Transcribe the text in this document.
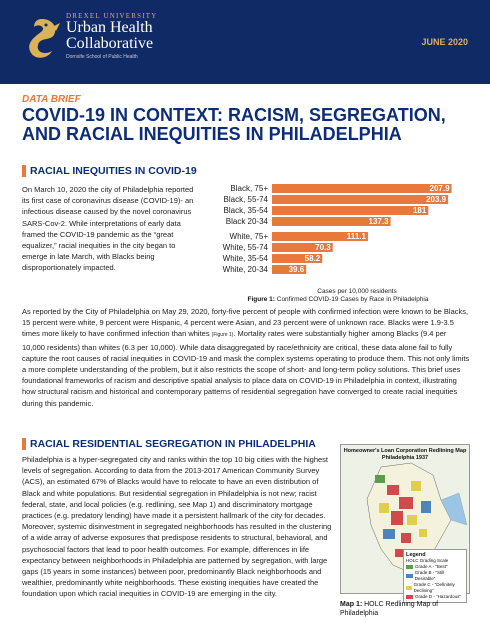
DREXEL UNIVERSITY
Urban Health
Collaborative
Dornsife School of Public Health
JUNE 2020
DATA BRIEF
COVID-19 IN CONTEXT: RACISM, SEGREGATION, AND RACIAL INEQUITIES IN PHILADELPHIA
RACIAL INEQUITIES IN COVID-19
On March 10, 2020 the city of Philadelphia reported its first case of coronavirus disease (COVID-19)- an infectious disease caused by the novel coronavirus SARS-Cov-2. While interpretations of early data framed the COVID-19 pandemic as the “great equalizer,” racial inequities in the city began to emerge in late March, with Blacks being disproportionately impacted.
Black, 75+	207.9
Black, 55-74	203.9
Black, 35-54	181
Black 20-34	137.3
White, 75+	111.1
White, 55-74	70.3
White, 35-54	58.2
White, 20-34	39.6
Cases per 10,000 residents
Figure 1: Confirmed COVID-19 Cases by Race in Philadelphia
As reported by the City of Philadelphia on May 29, 2020, forty-five percent of people with confirmed infection were known to be Blacks, 15 percent were white, 9 percent were Hispanic, 4 percent were Asian, and 23 percent were of unknown race. Blacks were 1.9-3.5 times more likely to have confirmed infection than whites (Figure 1). Mortality rates were substantially higher among Blacks (9.4 per 10,000 residents) than whites (6.3 per 10,000). While data disaggregated by race/ethnicity are critical, these data alone fail to fully capture the root causes of racial inequities in COVID-19 and mask the complex systems operating to produce them. This not only limits a more complete understanding of the problem, but it also restricts the scope of short- and long-term policy solutions. This brief uses foundational frameworks of racism and descriptive spatial analysis to place data on COVID-19 in Philadelphia in context, illustrating how structural racism and historical and contemporary patterns of residential segregation have converged to create racial inequities during this pandemic.
RACIAL RESIDENTIAL SEGREGATION IN PHILADELPHIA
Philadelphia is a hyper-segregated city and ranks within the top 10 big cities with the highest levels of segregation. According to data from the 2013-2017 American Community Survey (ACS), an estimated 67% of Blacks would have to relocate to have an even distribution of Black and white populations. But residential segregation in Philadelphia is not new; racist federal, state, and local policies (e.g. redlining, see Map 1) and discriminatory mortgage practices (e.g. predatory lending) have made it a persistent hallmark of the city for decades. Moreover, systemic disinvestment in segregated neighborhoods has resulted in the clustering of a wide array of adverse exposures that predispose residents to structural, behavioral, and psychosocial factors that lead to poor health outcomes. For example, differences in life expectancy between neighborhoods in Philadelphia are patterned by segregation, with large gaps (15 years in some instances) between poor, predominantly Black neighborhoods and wealthier, predominantly white neighborhoods. These existing inequities have created the foundation upon which racial inequities in COVID-19 are emerging in the city.
Homeowner's Loan Corporation Redlining Map
Philadelphia 1937
Legend
HOLC Grading Scale
Grade A - "Best"
Grade B - "Still Desirable"
Grade C - "Definitely Declining"
Grade D - "Hazardous"
Map 1: HOLC Redlining Map of Philadelphia
